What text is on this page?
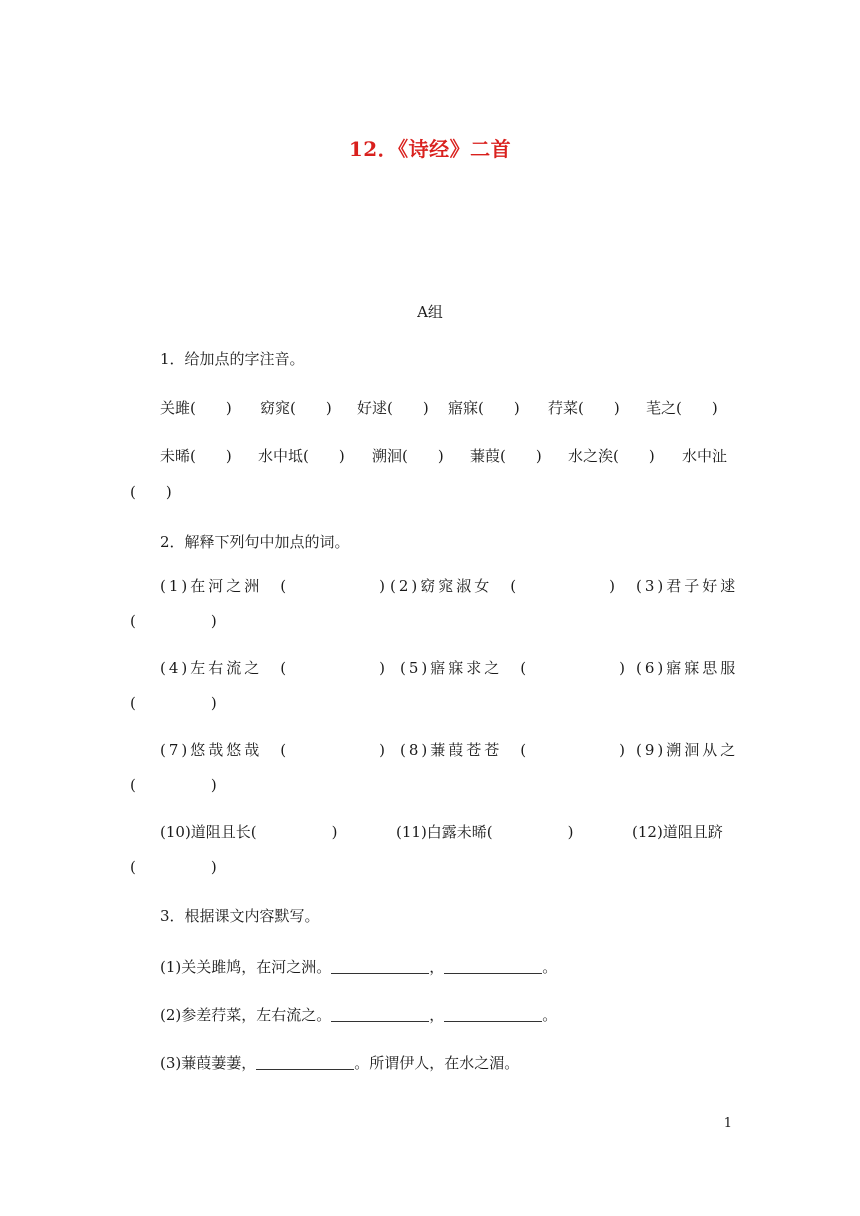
12．《诗经》二首
A组
1．给加点的字注音。
关雎(　　) 窈窕(　　) 好逑(　　) 寤寐(　　) 荇菜(　　) 芼之(　　)
未晞(　　) 水中坻(　　) 溯洄(　　) 蒹葭(　　) 水之涘(　　) 水中沚
(　　)
2．解释下列句中加点的词。
(1)在河之洲　(　　　　　) (2)窈窕淑女　(　　　　　) (3)君子好逑
(　　　　　)
(4)左右流之　(　　　　　) (5)寤寐求之　(　　　　　) (6)寤寐思服
(　　　　　)
(7)悠哉悠哉　(　　　　　) (8)蒹葭苍苍　(　　　　　) (9)溯洄从之
(　　　　　)
(10)道阻且长(　　　　　)	(11)白露未晞(　　　　　)	(12)道阻且跻
(　　　　　)
3．根据课文内容默写。
(1)关关雎鸠，在河之洲。	，	。
(2)参差荇菜，左右流之。	，	。
(3)蒹葭萋萋，	。所谓伊人，在水之湄。
1
